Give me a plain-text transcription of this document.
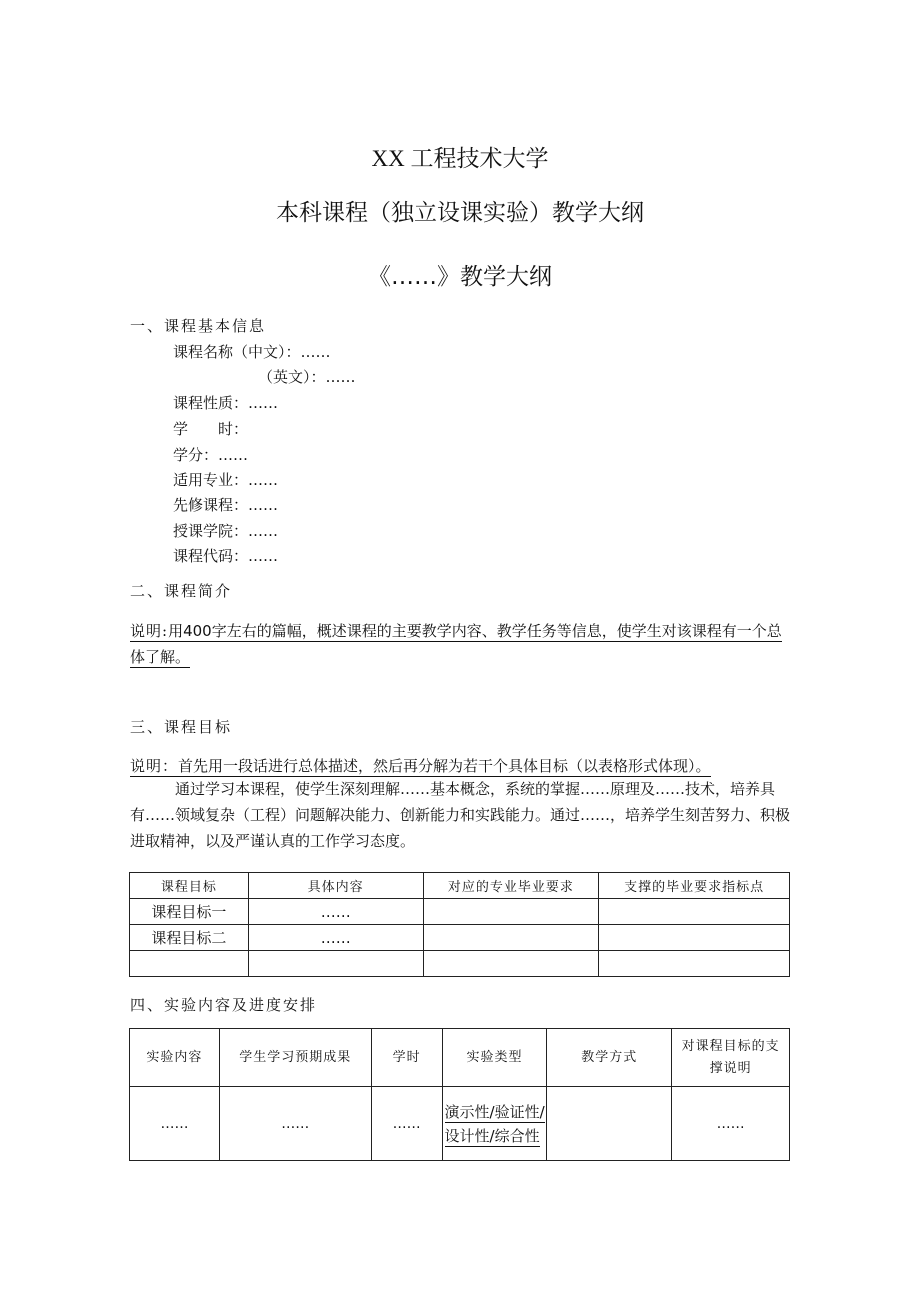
XX 工程技术大学
本科课程（独立设课实验）教学大纲
《……》教学大纲
一、课程基本信息
课程名称（中文）：……
（英文）：……
课程性质：……
学　　时：
学分：……
适用专业：……
先修课程：……
授课学院：……
课程代码：……
二、课程简介
说明:用400字左右的篇幅，概述课程的主要教学内容、教学任务等信息，使学生对该课程有一个总体了解。
三、课程目标
说明：首先用一段话进行总体描述，然后再分解为若干个具体目标（以表格形式体现）。
通过学习本课程，使学生深刻理解……基本概念，系统的掌握……原理及……技术，培养具有……领域复杂（工程）问题解决能力、创新能力和实践能力。通过……，培养学生刻苦努力、积极进取精神，以及严谨认真的工作学习态度。
课程目标	具体内容	对应的专业毕业要求	支撑的毕业要求指标点
课程目标一	……		
课程目标二	……		

四、实验内容及进度安排
实验内容	学生学习预期成果	学时	实验类型	教学方式	对课程目标的支撑说明
……	……	……	演示性/验证性/设计性/综合性		……
